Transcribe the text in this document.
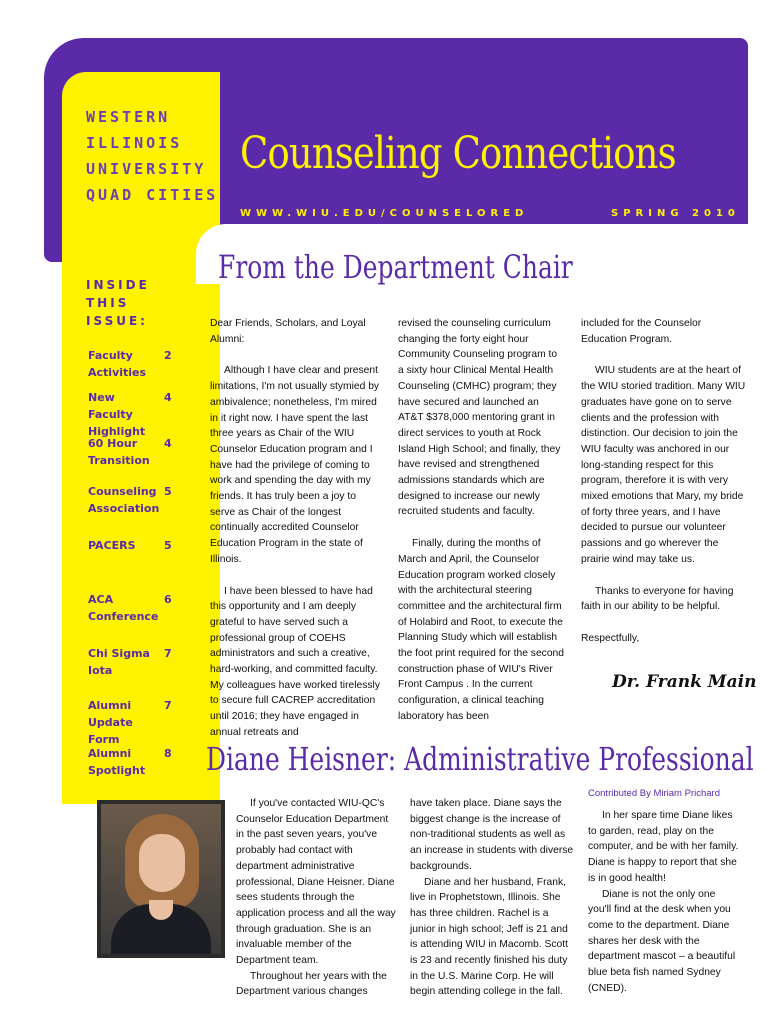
WESTERN
ILLINOIS
UNIVERSITY
QUAD CITIES
Counseling Connections
WWW.WIU.EDU/COUNSELORED	SPRING 2010
INSIDE
THIS
ISSUE:
Faculty Activities
2
New Faculty Highlight
4
60 Hour Transition
4
Counseling Association
5
PACERS	5
ACA Conference
6
Chi Sigma Iota
7
Alumni Update Form
7
Alumni Spotlight
8
From the Department Chair

Dear Friends, Scholars, and Loyal Alumni:

Although I have clear and present limitations, I'm not usually stymied by ambivalence; nonetheless, I'm mired in it right now. I have spent the last three years as Chair of the WIU Counselor Education program and I have had the privilege of coming to work and spending the day with my friends. It has truly been a joy to serve as Chair of the longest continually accredited Counselor Education Program in the state of Illinois.

I have been blessed to have had this opportunity and I am deeply grateful to have served such a professional group of COEHS administrators and such a creative, hard-working, and committed faculty. My colleagues have worked tirelessly to secure full CACREP accreditation until 2016; they have engaged in annual retreats and

revised the counseling curriculum changing the forty eight hour Community Counseling program to a sixty hour Clinical Mental Health Counseling (CMHC) program; they have secured and launched an AT&T $378,000 mentoring grant in direct services to youth at Rock Island High School; and finally, they have revised and strengthened admissions standards which are designed to increase our newly recruited students and faculty.

Finally, during the months of March and April, the Counselor Education program worked closely with the architectural steering committee and the architectural firm of Holabird and Root, to execute the Planning Study which will establish the foot print required for the second construction phase of WIU's River Front Campus . In the current configuration, a clinical teaching laboratory has been

included for the Counselor Education Program.

WIU students are at the heart of the WIU storied tradition. Many WIU graduates have gone on to serve clients and the profession with distinction. Our decision to join the WIU faculty was anchored in our long-standing respect for this program, therefore it is with very mixed emotions that Mary, my bride of forty three years, and I have decided to pursue our volunteer passions and go wherever the prairie wind may take us.

Thanks to everyone for having faith in our ability to be helpful.

Respectfully,

Dr. Frank Main

Diane Heisner: Administrative Professional
Contributed By Miriam Prichard

If you've contacted WIU-QC's Counselor Education Department in the past seven years, you've probably had contact with department administrative professional, Diane Heisner. Diane sees students through the application process and all the way through graduation. She is an invaluable member of the Department team.

Throughout her years with the Department various changes

have taken place. Diane says the biggest change is the increase of non-traditional students as well as an increase in students with diverse backgrounds.

Diane and her husband, Frank, live in Prophetstown, Illinois. She has three children. Rachel is a junior in high school; Jeff is 21 and is attending WIU in Macomb. Scott is 23 and recently finished his duty in the U.S. Marine Corp. He will begin attending college in the fall.

In her spare time Diane likes to garden, read, play on the computer, and be with her family. Diane is happy to report that she is in good health!

Diane is not the only one you'll find at the desk when you come to the department. Diane shares her desk with the department mascot – a beautiful blue beta fish named Sydney (CNED).
